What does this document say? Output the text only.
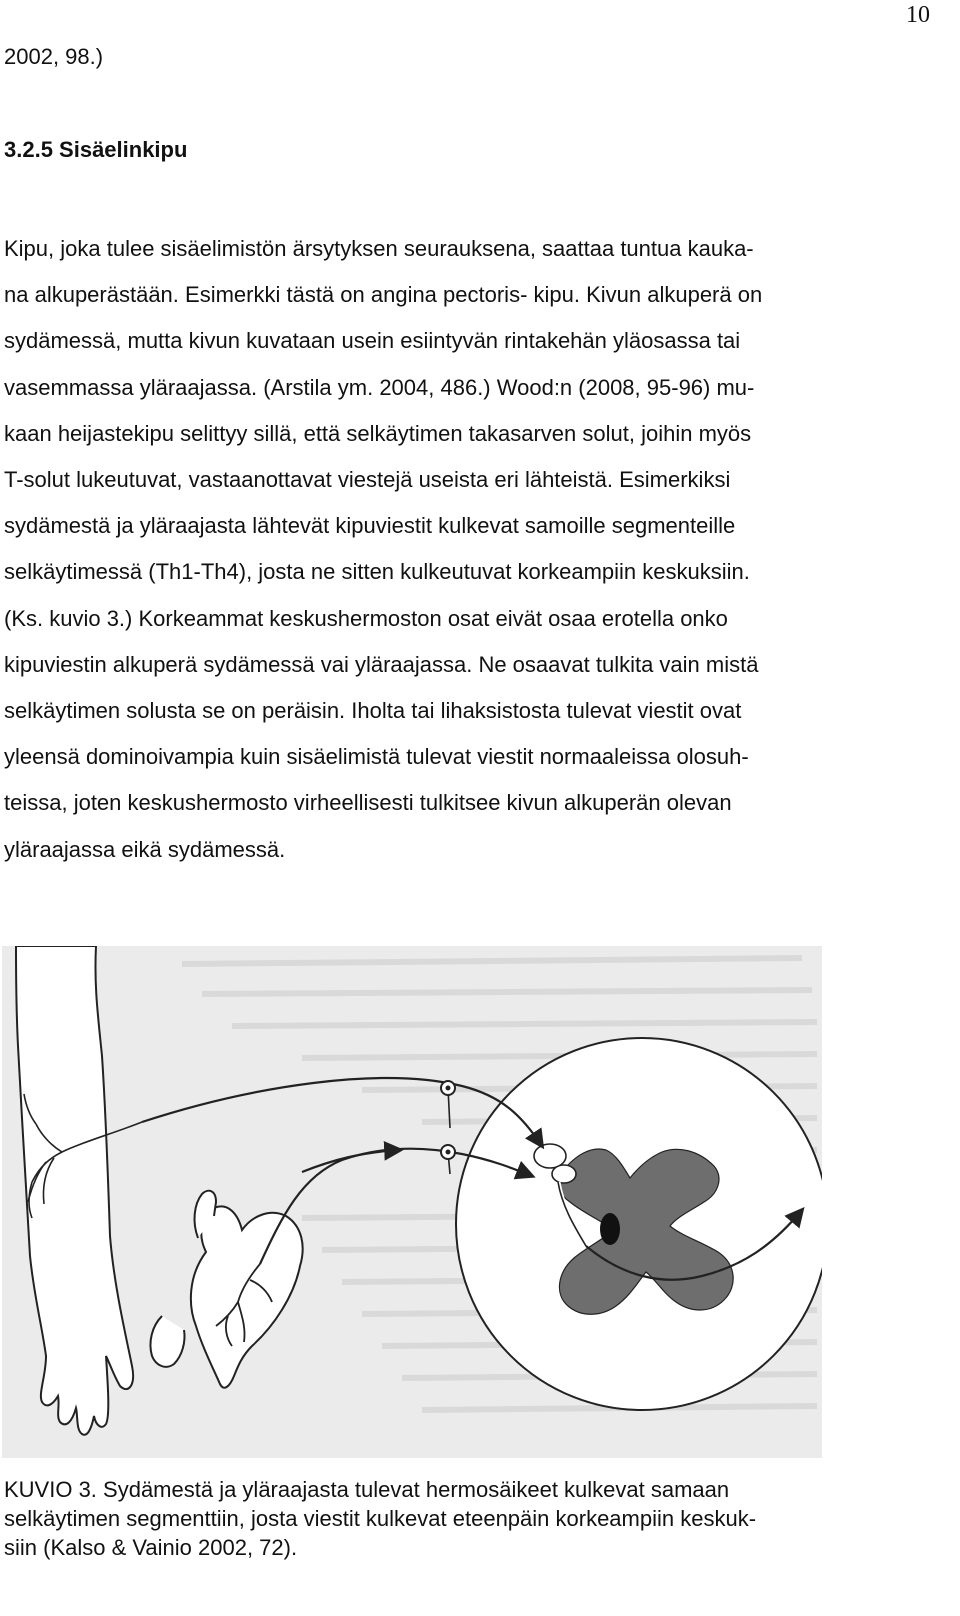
10
2002, 98.)
3.2.5 Sisäelinkipu

Kipu, joka tulee sisäelimistön ärsytyksen seurauksena, saattaa tuntua kauka-
na alkuperästään. Esimerkki tästä on angina pectoris- kipu. Kivun alkuperä on
sydämessä, mutta kivun kuvataan usein esiintyvän rintakehän yläosassa tai
vasemmassa yläraajassa. (Arstila ym. 2004, 486.) Wood:n (2008, 95-96) mu-
kaan heijastekipu selittyy sillä, että selkäytimen takasarven solut, joihin myös
T-solut lukeutuvat, vastaanottavat viestejä useista eri lähteistä. Esimerkiksi
sydämestä ja yläraajasta lähtevät kipuviestit kulkevat samoille segmenteille
selkäytimessä (Th1-Th4), josta ne sitten kulkeutuvat korkeampiin keskuksiin.
(Ks. kuvio 3.) Korkeammat keskushermoston osat eivät osaa erotella onko
kipuviestin alkuperä sydämessä vai yläraajassa. Ne osaavat tulkita vain mistä
selkäytimen solusta se on peräisin. Iholta tai lihaksistosta tulevat viestit ovat
yleensä dominoivampia kuin sisäelimistä tulevat viestit normaaleissa olosuh-
teissa, joten keskushermosto virheellisesti tulkitsee kivun alkuperän olevan
yläraajassa eikä sydämessä.

KUVIO 3. Sydämestä ja yläraajasta tulevat hermosäikeet kulkevat samaan
selkäytimen segmenttiin, josta viestit kulkevat eteenpäin korkeampiin keskuk-
siin (Kalso & Vainio 2002, 72).
